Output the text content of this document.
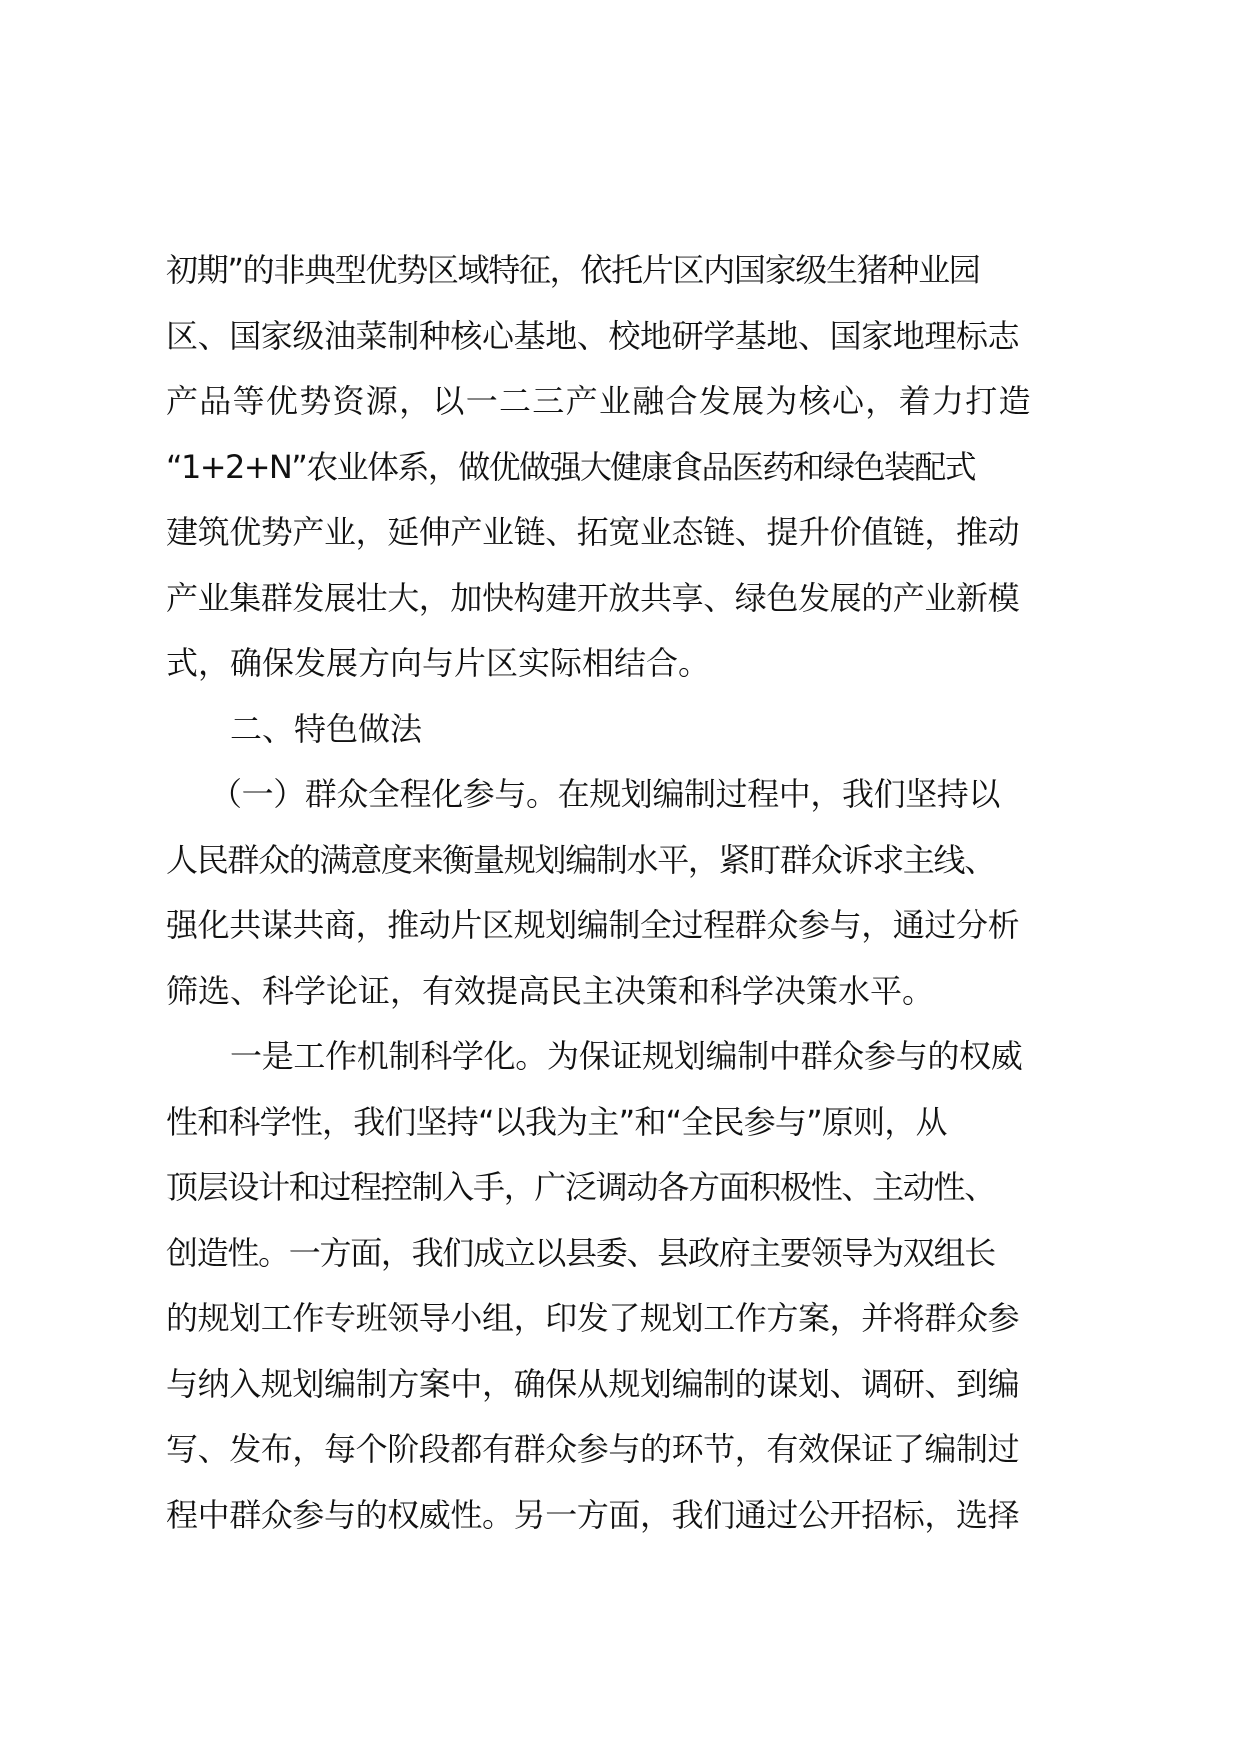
初期”的非典型优势区域特征，依托片区内国家级生猪种业园
区、国家级油菜制种核心基地、校地研学基地、国家地理标志
产品等优势资源，以一二三产业融合发展为核心，着力打造
“1+2+N”农业体系，做优做强大健康食品医药和绿色装配式
建筑优势产业，延伸产业链、拓宽业态链、提升价值链，推动
产业集群发展壮大，加快构建开放共享、绿色发展的产业新模
式，确保发展方向与片区实际相结合。
二、特色做法
（一）群众全程化参与。在规划编制过程中，我们坚持以
人民群众的满意度来衡量规划编制水平，紧盯群众诉求主线、
强化共谋共商，推动片区规划编制全过程群众参与，通过分析
筛选、科学论证，有效提高民主决策和科学决策水平。
一是工作机制科学化。为保证规划编制中群众参与的权威
性和科学性，我们坚持“以我为主”和“全民参与”原则，从
顶层设计和过程控制入手，广泛调动各方面积极性、主动性、
创造性。一方面，我们成立以县委、县政府主要领导为双组长
的规划工作专班领导小组，印发了规划工作方案，并将群众参
与纳入规划编制方案中，确保从规划编制的谋划、调研、到编
写、发布，每个阶段都有群众参与的环节，有效保证了编制过
程中群众参与的权威性。另一方面，我们通过公开招标，选择
